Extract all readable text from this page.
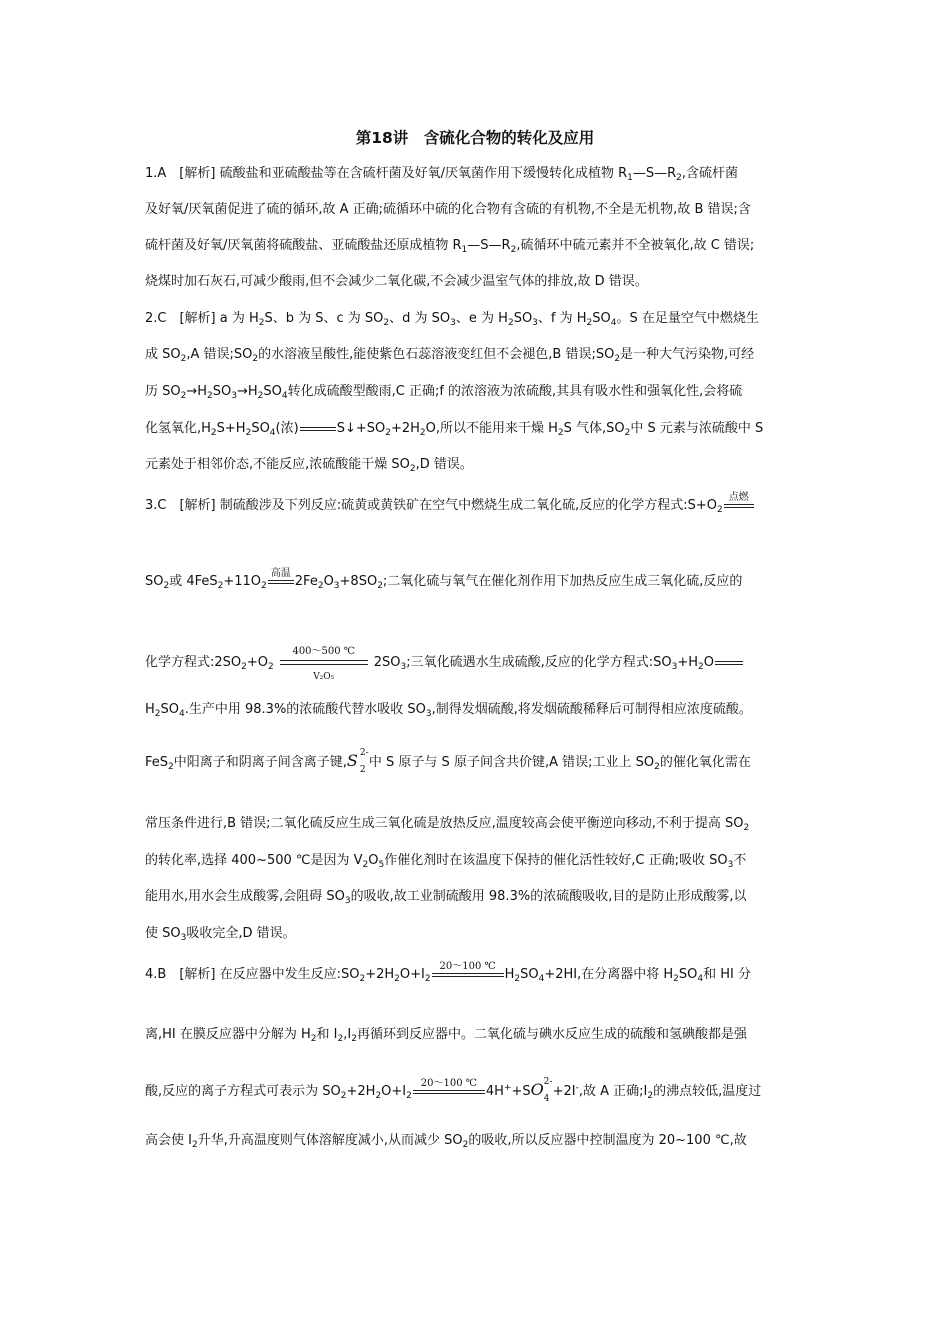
第18讲　含硫化合物的转化及应用
1.A　[解析] 硫酸盐和亚硫酸盐等在含硫杆菌及好氧/厌氧菌作用下缓慢转化成植物 $R_1—S—R_2$,含硫杆菌
及好氧/厌氧菌促进了硫的循环,故 A 正确;硫循环中硫的化合物有含硫的有机物,不全是无机物,故 B 错误;含
硫杆菌及好氧/厌氧菌将硫酸盐、亚硫酸盐还原成植物 $R_1—S—R_2$,硫循环中硫元素并不全被氧化,故 C 错误;
烧煤时加石灰石,可减少酸雨,但不会减少二氧化碳,不会减少温室气体的排放,故 D 错误。
2.C　[解析] a 为 $H_2S$、b 为 S、c 为 $SO_2$、d 为 $SO_3$、e 为 $H_2SO_3$、f 为 $H_2SO_4$。S 在足量空气中燃烧生
成 $SO_2,A$ 错误$;SO_2$的水溶液呈酸性,能使紫色石蕊溶液变红但不会褪色,B 错误$;SO_2$是一种大气污染物,可经
历 $SO_2\to H_2SO_3\to H_2SO_4$转化成硫酸型酸雨,C 正确;f 的浓溶液为浓硫酸,其具有吸水性和强氧化性,会将硫
化氢氧化$,H_2S+H_2SO_4$(浓)	$S↓+SO_2+2H_2O$,所以不能用来干燥 $H_2S$ 气体$,SO_2$中 S 元素与浓硫酸中 S
元素处于相邻价态,不能反应,浓硫酸能干燥 $SO_2,D$ 错误。
3.C　[解析] 制硫酸涉及下列反应:硫黄或黄铁矿在空气中燃烧生成二氧化硫,反应的化学方程式$:S+O_2$
点燃
$SO_2$或 $4FeS_2+11O_2$
高温
$2Fe_2O_3+8SO_2$;二氧化硫与氧气在催化剂作用下加热反应生成三氧化硫,反应的
化学方程式$:2SO_2+O_2 \frac{400\sim 500 ℃}{\text{V₂O₅}} 2SO_3$;三氧化硫遇水生成硫酸,反应的化学方程式$:SO_3+H_2O$
$H_2SO_4$.生产中用 98.3%的浓硫酸代替水吸收 $SO_3$,制得发烟硫酸,将发烟硫酸稀释后可制得相应浓度硫酸。
FeS$_2$中阳离子和阴离子间含离子键,S 2-
2 中 S 原子与 S 原子间含共价键,A 错误;工业上 $SO_2$的催化氧化需在
常压条件进行,B 错误;二氧化硫反应生成三氧化硫是放热反应,温度较高会使平衡逆向移动,不利于提高 $SO_2$
的转化率,选择 400~500 ℃是因为 $V_2O_5$作催化剂时在该温度下保持的催化活性较好,C 正确;吸收 $SO_3$不
能用水,用水会生成酸雾,会阻碍 $SO_3$的吸收,故工业制硫酸用 98.3%的浓硫酸吸收,目的是防止形成酸雾,以
使 $SO_3$吸收完全,D 错误。
4.B　[解析] 在反应器中发生反应$:SO_2+2H_2O+I_2$
20～100 ℃
$H_2SO_4+2HI$,在分离器中将 $H_2SO_4$和 HI 分
离,HI 在膜反应器中分解为 $H_2$和 $I_2,I_2$再循环到反应器中。二氧化硫与碘水反应生成的硫酸和氢碘酸都是强
酸,反应的离子方程式可表示为 $SO_2+2H_2O+I_2$
20～100 ℃
4H++SO 2-
4 +2I-,故 A 正确$;I_2$的沸点较低,温度过
高会使 $I_2$升华,升高温度则气体溶解度减小,从而减少 $SO_2$的吸收,所以反应器中控制温度为 20~100 ℃,故
